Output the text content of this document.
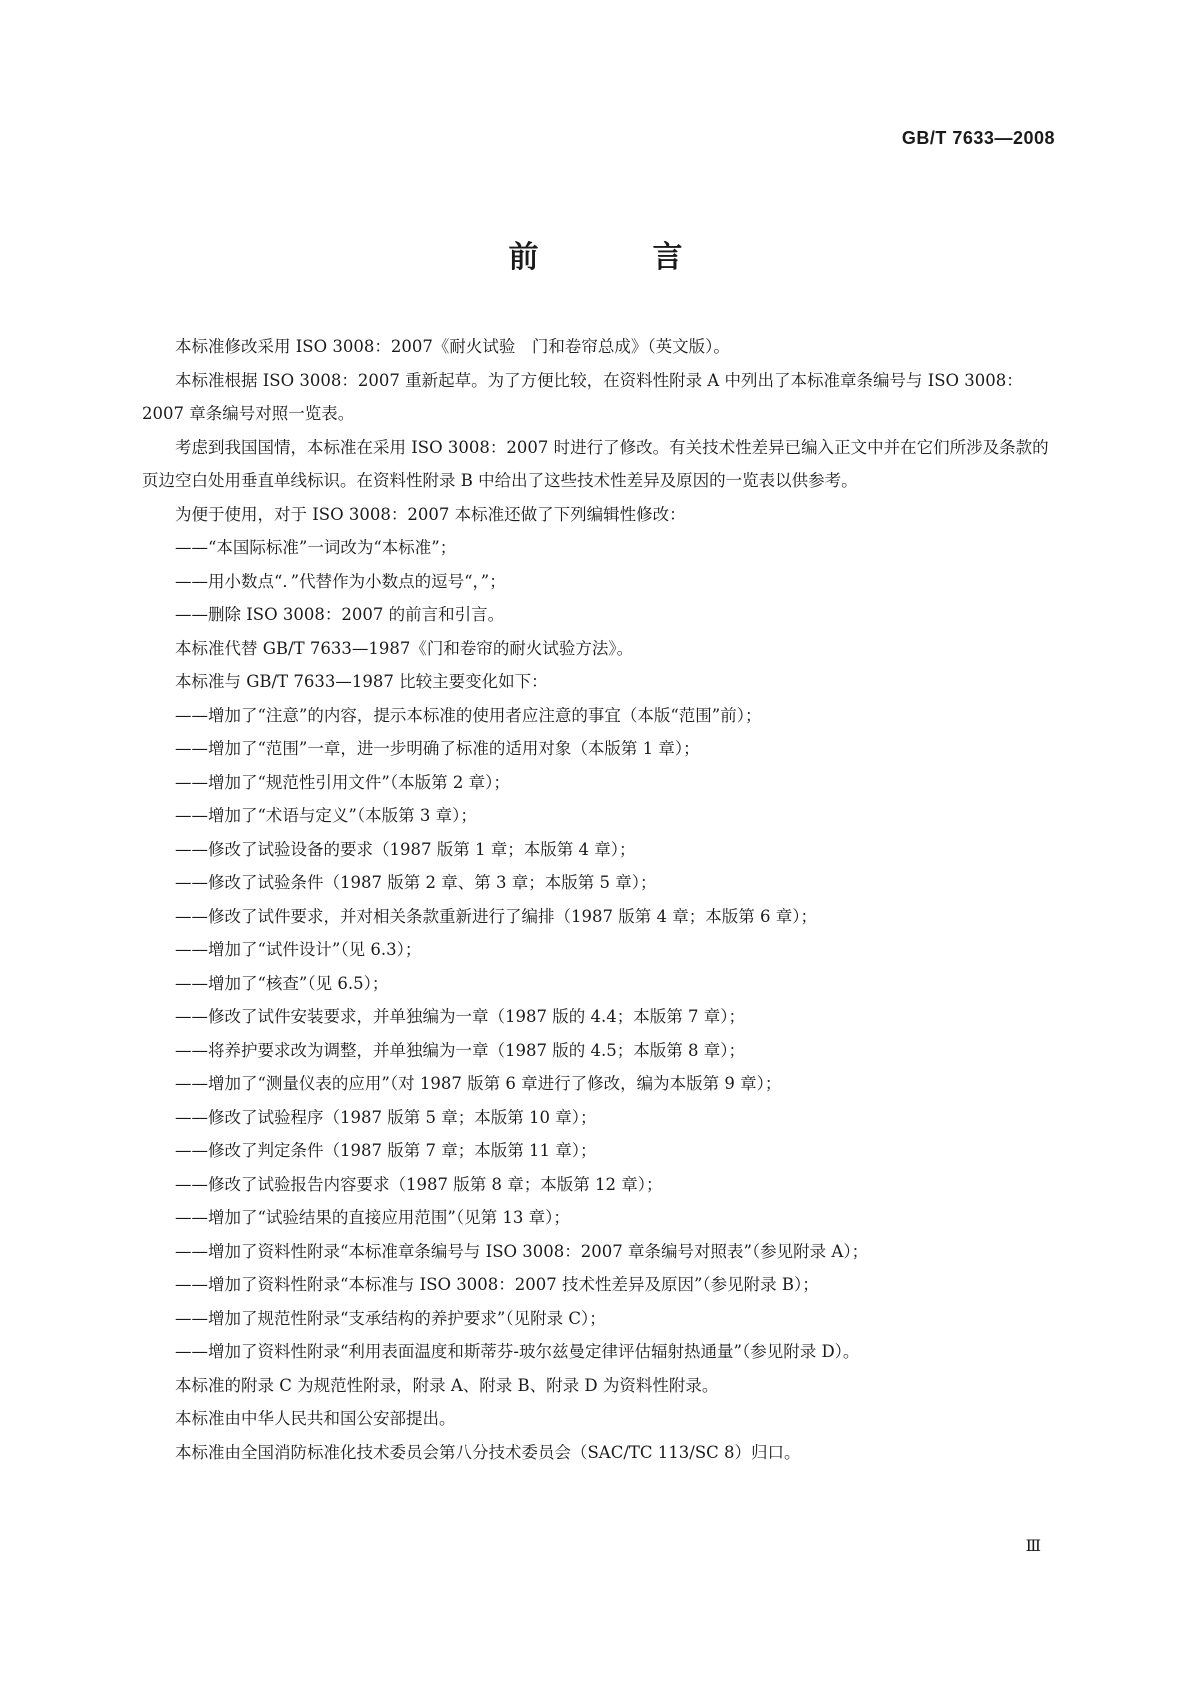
GB/T 7633—2008
前　言

本标准修改采用 ISO 3008：2007《耐火试验　门和卷帘总成》（英文版）。

本标准根据 ISO 3008：2007 重新起草。为了方便比较，在资料性附录 A 中列出了本标准章条编号与 ISO 3008：2007 章条编号对照一览表。

考虑到我国国情，本标准在采用 ISO 3008：2007 时进行了修改。有关技术性差异已编入正文中并在它们所涉及条款的页边空白处用垂直单线标识。在资料性附录 B 中给出了这些技术性差异及原因的一览表以供参考。

为便于使用，对于 ISO 3008：2007 本标准还做了下列编辑性修改：

——“本国际标准”一词改为“本标准”；

——用小数点“．”代替作为小数点的逗号“，”；

——删除 ISO 3008：2007 的前言和引言。

本标准代替 GB/T 7633—1987《门和卷帘的耐火试验方法》。

本标准与 GB/T 7633—1987 比较主要变化如下：

——增加了“注意”的内容，提示本标准的使用者应注意的事宜（本版“范围”前）；

——增加了“范围”一章，进一步明确了标准的适用对象（本版第 1 章）；

——增加了“规范性引用文件”（本版第 2 章）；

——增加了“术语与定义”（本版第 3 章）；

——修改了试验设备的要求（1987 版第 1 章；本版第 4 章）；

——修改了试验条件（1987 版第 2 章、第 3 章；本版第 5 章）；

——修改了试件要求，并对相关条款重新进行了编排（1987 版第 4 章；本版第 6 章）；

——增加了“试件设计”（见 6.3）；

——增加了“核查”（见 6.5）；

——修改了试件安装要求，并单独编为一章（1987 版的 4.4；本版第 7 章）；

——将养护要求改为调整，并单独编为一章（1987 版的 4.5；本版第 8 章）；

——增加了“测量仪表的应用”（对 1987 版第 6 章进行了修改，编为本版第 9 章）；

——修改了试验程序（1987 版第 5 章；本版第 10 章）；

——修改了判定条件（1987 版第 7 章；本版第 11 章）；

——修改了试验报告内容要求（1987 版第 8 章；本版第 12 章）；

——增加了“试验结果的直接应用范围”（见第 13 章）；

——增加了资料性附录“本标准章条编号与 ISO 3008：2007 章条编号对照表”（参见附录 A）；

——增加了资料性附录“本标准与 ISO 3008：2007 技术性差异及原因”（参见附录 B）；

——增加了规范性附录“支承结构的养护要求”（见附录 C）；

——增加了资料性附录“利用表面温度和斯蒂芬-玻尔兹曼定律评估辐射热通量”（参见附录 D）。

本标准的附录 C 为规范性附录，附录 A、附录 B、附录 D 为资料性附录。

本标准由中华人民共和国公安部提出。

本标准由全国消防标准化技术委员会第八分技术委员会（SAC/TC 113/SC 8）归口。

Ⅲ
